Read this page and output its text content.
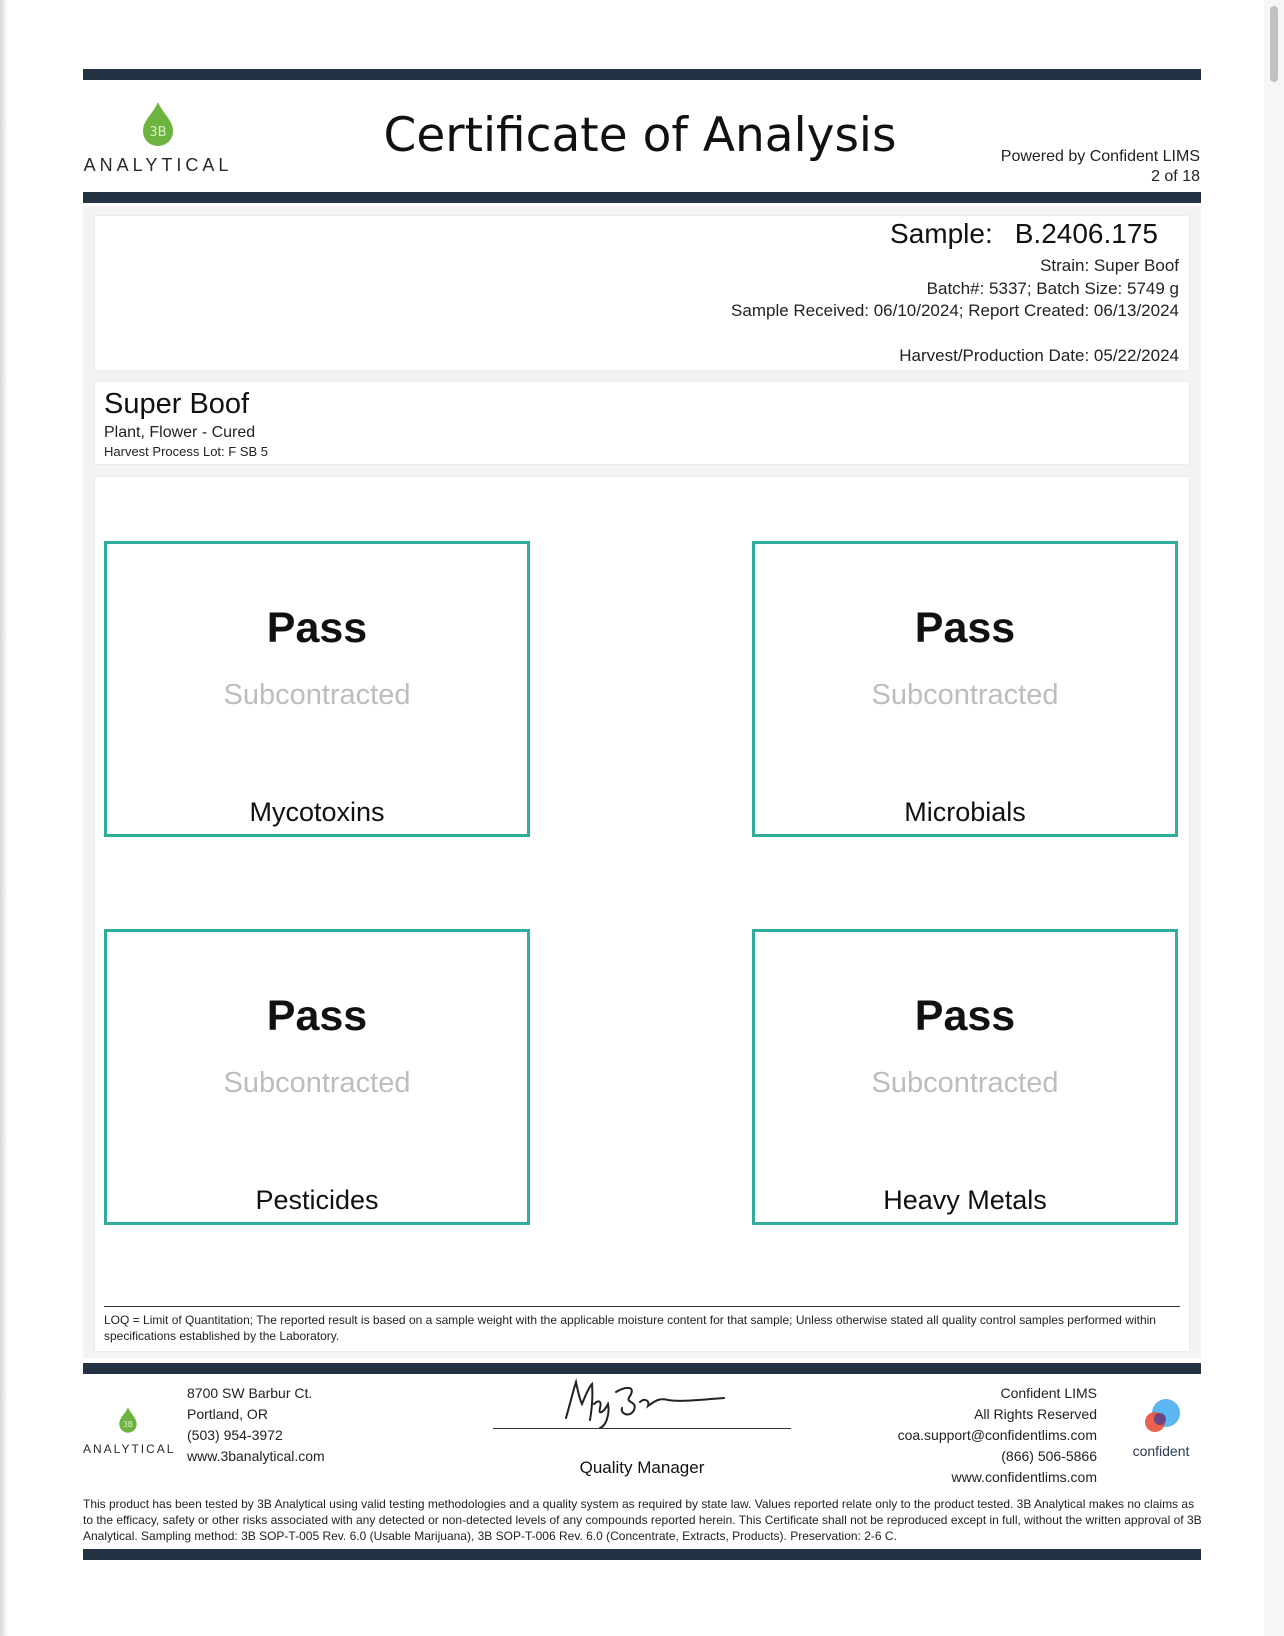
3B
ANALYTICAL
Certificate of Analysis	Powered by Confident LIMS
2 of 18
Sample: B.2406.175
Strain: Super Boof
Batch#: 5337; Batch Size: 5749 g
Sample Received: 06/10/2024; Report Created: 06/13/2024
Harvest/Production Date: 05/22/2024
Super Boof
Plant, Flower - Cured
Harvest Process Lot: F SB 5
Pass
Subcontracted
Mycotoxins
Pass
Subcontracted
Microbials
Pass
Subcontracted
Pesticides
Pass
Subcontracted
Heavy Metals
LOQ = Limit of Quantitation; The reported result is based on a sample weight with the applicable moisture content for that sample; Unless otherwise stated all quality control samples performed within specifications established by the Laboratory.
3B
ANALYTICAL
8700 SW Barbur Ct.
Portland, OR
(503) 954-3972
www.3banalytical.com
Quality Manager
Confident LIMS
All Rights Reserved
coa.support@confidentlims.com
(866) 506-5866
www.confidentlims.com
confident
This product has been tested by 3B Analytical using valid testing methodologies and a quality system as required by state law. Values reported relate only to the product tested. 3B Analytical makes no claims as to the efficacy, safety or other risks associated with any detected or non-detected levels of any compounds reported herein. This Certificate shall not be reproduced except in full, without the written approval of 3B Analytical. Sampling method: 3B SOP-T-005 Rev. 6.0 (Usable Marijuana), 3B SOP-T-006 Rev. 6.0 (Concentrate, Extracts, Products). Preservation: 2-6 C.
